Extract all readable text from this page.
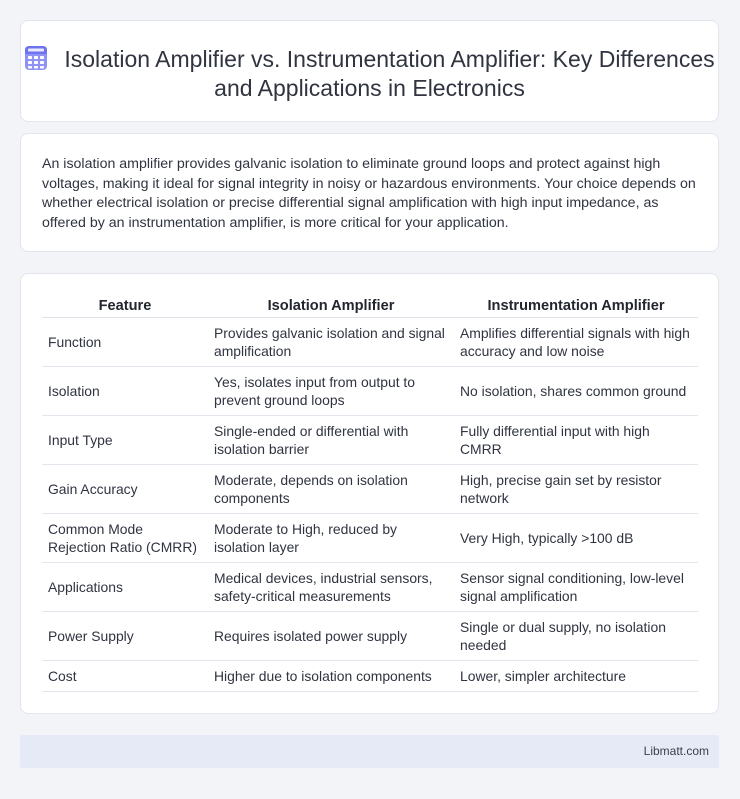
Isolation Amplifier vs. Instrumentation Amplifier: Key Differences and Applications in Electronics

An isolation amplifier provides galvanic isolation to eliminate ground loops and protect against high voltages, making it ideal for signal integrity in noisy or hazardous environments. Your choice depends on whether electrical isolation or precise differential signal amplification with high input impedance, as offered by an instrumentation amplifier, is more critical for your application.

Feature	Isolation Amplifier	Instrumentation Amplifier
Function	Provides galvanic isolation and signal amplification	Amplifies differential signals with high accuracy and low noise
Isolation	Yes, isolates input from output to prevent ground loops	No isolation, shares common ground
Input Type	Single-ended or differential with isolation barrier	Fully differential input with high CMRR
Gain Accuracy	Moderate, depends on isolation components	High, precise gain set by resistor network
Common Mode Rejection Ratio (CMRR)	Moderate to High, reduced by isolation layer	Very High, typically >100 dB
Applications	Medical devices, industrial sensors, safety-critical measurements	Sensor signal conditioning, low-level signal amplification
Power Supply	Requires isolated power supply	Single or dual supply, no isolation needed
Cost	Higher due to isolation components	Lower, simpler architecture
Libmatt.com
